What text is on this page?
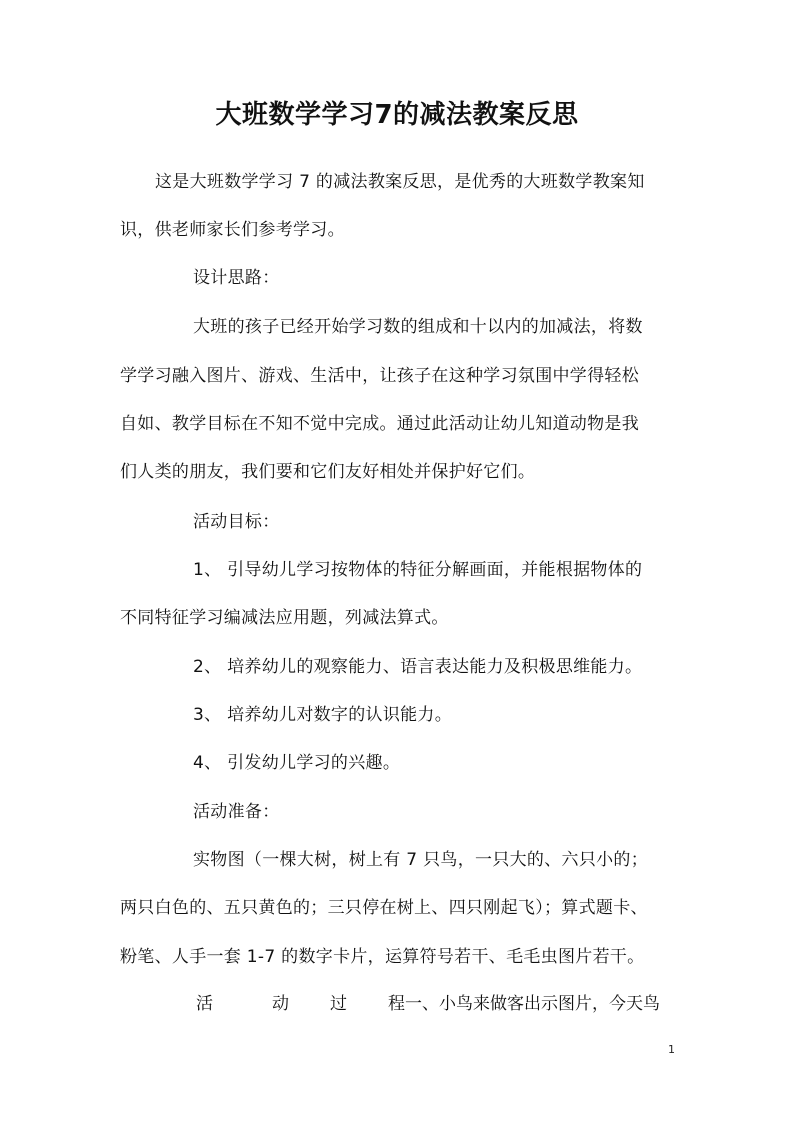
大班数学学习7的减法教案反思
这是大班数学学习 7 的减法教案反思，是优秀的大班数学教案知
识，供老师家长们参考学习。
设计思路：
大班的孩子已经开始学习数的组成和十以内的加减法，将数
学学习融入图片、游戏、生活中，让孩子在这种学习氛围中学得轻松
自如、教学目标在不知不觉中完成。通过此活动让幼儿知道动物是我
们人类的朋友，我们要和它们友好相处并保护好它们。
活动目标：
1、 引导幼儿学习按物体的特征分解画面，并能根据物体的
不同特征学习编减法应用题，列减法算式。
2、 培养幼儿的观察能力、语言表达能力及积极思维能力。
3、 培养幼儿对数字的认识能力。
4、 引发幼儿学习的兴趣。
活动准备：
实物图（一棵大树，树上有 7 只鸟，一只大的、六只小的；
两只白色的、五只黄色的；三只停在树上、四只刚起飞）；算式题卡、
粉笔、人手一套 1-7 的数字卡片，运算符号若干、毛毛虫图片若干。
活	动	过	程一、小鸟来做客出示图片，今天鸟
1
